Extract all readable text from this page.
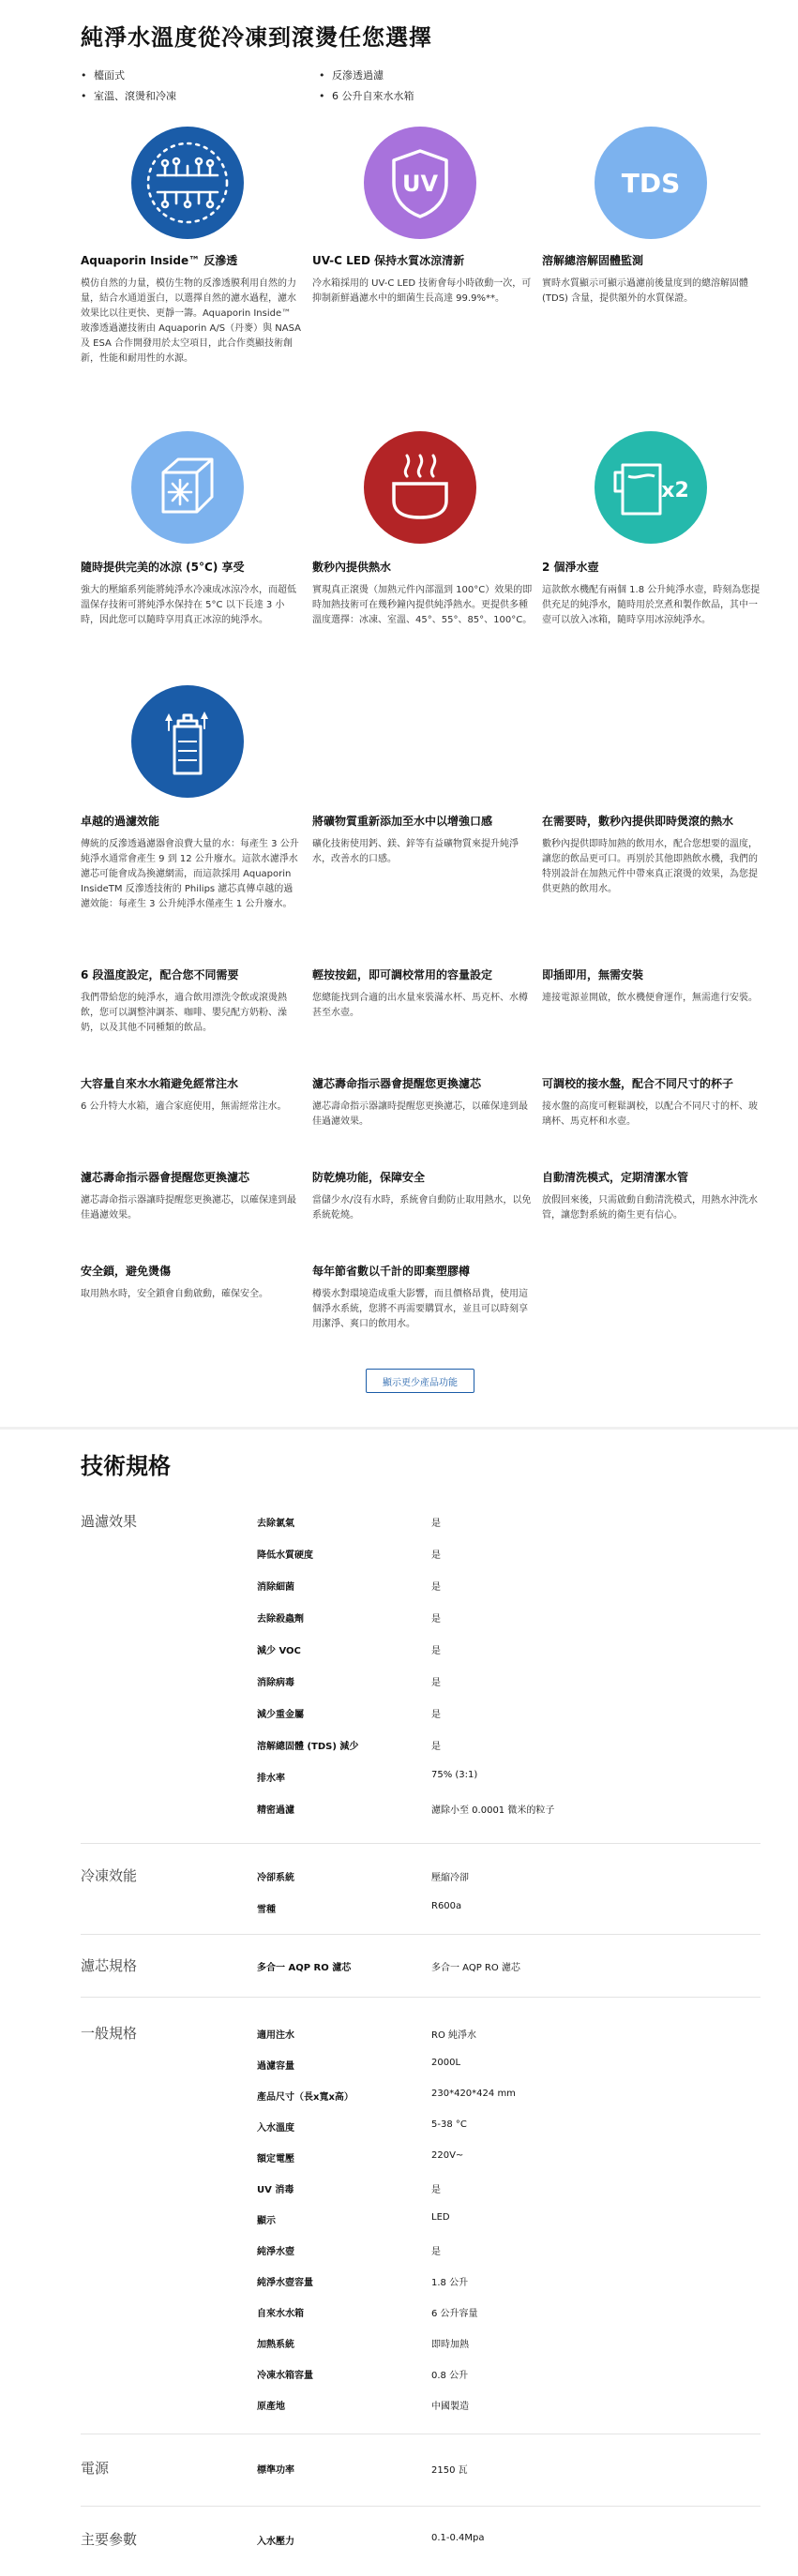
純淨水溫度從冷凍到滾燙任您選擇
• 檯面式	• 反滲透過濾
• 室溫、滾燙和冷凍	• 6 公升自來水水箱
UV	TDS
Aquaporin Inside™ 反滲透
模仿自然的力量，模仿生物的反滲透膜利用自然的力量，結合水通道蛋白，以選擇自然的濾水過程，濾水效果比以往更快、更靜一籌。Aquaporin Inside™ 玻滲透過濾技術由 Aquaporin A/S（丹麥）與 NASA 及 ESA 合作開發用於太空項目，此合作奠顯技術創新，性能和耐用性的水源。
UV-C LED 保持水質冰涼清新
冷水箱採用的 UV-C LED 技術會每小時啟動一次，可抑制新鮮過濾水中的細菌生長高達 99.9%**。
溶解總溶解固體監測
實時水質顯示可顯示過濾前後量度到的總溶解固體 (TDS) 含量，提供額外的水質保證。
x2
隨時提供完美的冰涼 (5°C) 享受
強大的壓縮系列能將純淨水冷凍成冰涼冷水，而超低溫保存技術可將純淨水保持在 5°C 以下長達 3 小時，因此您可以隨時享用真正冰涼的純淨水。
數秒內提供熱水
實現真正滾燙（加熱元件內部溫到 100°C）效果的即時加熱技術可在幾秒鐘內提供純淨熱水。更提供多種溫度選擇：冰凍、室溫、45°、55°、85°、100°C。
2 個淨水壺
這款飲水機配有兩個 1.8 公升純淨水壺，時刻為您提供充足的純淨水，隨時用於烹煮和製作飲品，其中一壺可以放入冰箱，隨時享用冰涼純淨水。
卓越的過濾效能
傳統的反滲透過濾器會浪費大量的水：每產生 3 公升純淨水通常會產生 9 到 12 公升廢水。這款水濾淨水濾芯可能會成為換濾網需，而這款採用 Aquaporin InsideTM 反滲透技術的 Philips 濾芯真傳卓越的過濾效能：每產生 3 公升純淨水僅產生 1 公升廢水。
將礦物質重新添加至水中以增強口感
礦化技術使用鈣、鎂、鋅等有益礦物質來提升純淨水，改善水的口感。
在需要時，數秒內提供即時煲滾的熱水
數秒內提供即時加熱的飲用水，配合您想要的溫度，讓您的飲品更可口。再別於其他即熱飲水機，我們的特別設計在加熱元件中帶來真正滾燙的效果，為您提供更熱的飲用水。
6 段溫度設定，配合您不同需要
我們帶給您的純淨水，適合飲用漂洗令飲或滾燙熱飲，您可以調整沖調茶、咖啡、嬰兒配方奶粉、澡奶，以及其他不同種類的飲品。
輕按按鈕，即可調校常用的容量設定
您總能找到合適的出水量來裝滿水杯、馬克杯、水樽甚至水壺。
即插即用，無需安裝
連接電源並開啟，飲水機便會運作，無需進行安裝。
大容量自來水水箱避免經常注水
6 公升特大水箱，適合家庭使用，無需經常注水。
濾芯壽命指示器會提醒您更換濾芯
濾芯壽命指示器讓時提醒您更換濾芯，以確保達到最佳過濾效果。
可調校的接水盤，配合不同尺寸的杯子
接水盤的高度可輕鬆調校，以配合不同尺寸的杯、玻璃杯、馬克杯和水壺。
濾芯壽命指示器會提醒您更換濾芯
濾芯壽命指示器讓時提醒您更換濾芯，以確保達到最佳過濾效果。
防乾燒功能，保障安全
當儲少水/沒有水時，系統會自動防止取用熱水，以免系統乾燒。
自動清洗模式，定期清潔水管
放假回來後，只需啟動自動清洗模式，用熱水沖洗水管，讓您對系統的衛生更有信心。
安全鎖，避免燙傷
取用熱水時，安全鎖會自動啟動，確保安全。
每年節省數以千計的即棄塑膠樽
樽裝水對環境造成重大影響，而且價格昂貴，使用這個淨水系統，您將不再需要購買水，並且可以時刻享用潔淨、爽口的飲用水。
顯示更少產品功能
技術規格
過濾效果	去除氯氣	是
降低水質硬度	是
消除細菌	是
去除殺蟲劑	是
減少 VOC	是
消除病毒	是
減少重金屬	是
溶解總固體 (TDS) 減少	是
排水率	75% (3:1)
精密過濾	濾除小至 0.0001 微米的粒子
冷凍效能	冷卻系統	壓縮冷卻
雪種	R600a
濾芯規格	多合一 AQP RO 濾芯	多合一 AQP RO 濾芯
一般規格	適用注水	RO 純淨水
過濾容量	2000L
產品尺寸（長x寬x高）	230*420*424 mm
入水溫度	5-38 °C
額定電壓	220V~
UV 消毒	是
顯示	LED
純淨水壺	是
純淨水壺容量	1.8 公升
自來水水箱	6 公升容量
加熱系統	即時加熱
冷凍水箱容量	0.8 公升
原產地	中國製造
電源	標準功率	2150 瓦
主要參數	入水壓力	0.1-0.4Mpa
